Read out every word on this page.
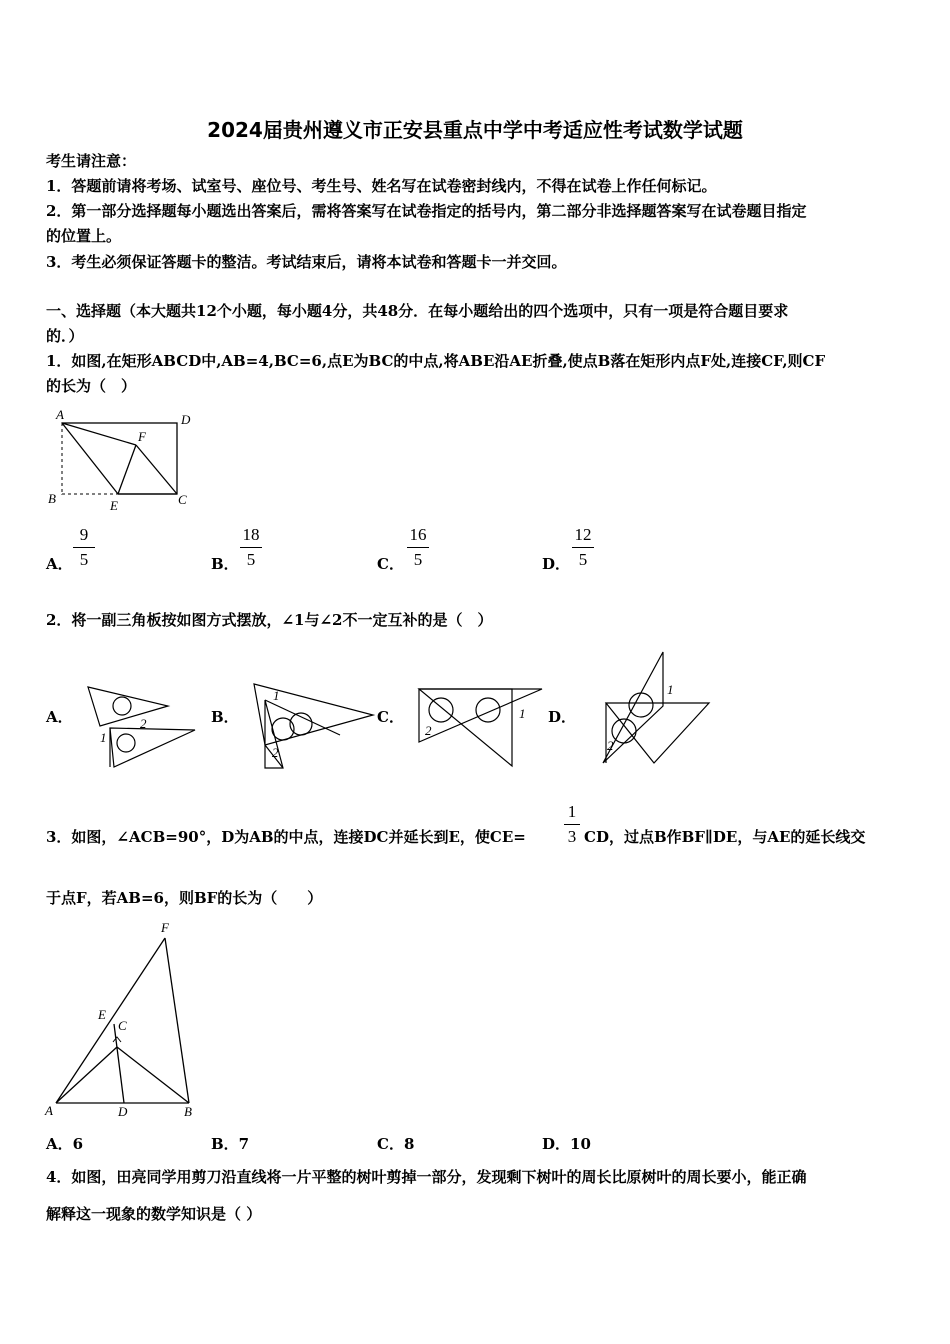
2024届贵州遵义市正安县重点中学中考适应性考试数学试题
考生请注意：
1．答题前请将考场、试室号、座位号、考生号、姓名写在试卷密封线内，不得在试卷上作任何标记。
2．第一部分选择题每小题选出答案后，需将答案写在试卷指定的括号内，第二部分非选择题答案写在试卷题目指定
的位置上。
3．考生必须保证答题卡的整洁。考试结束后，请将本试卷和答题卡一并交回。
一、选择题（本大题共12个小题，每小题4分，共48分．在每小题给出的四个选项中，只有一项是符合题目要求
的．）
1．如图,在矩形ABCD中,AB=4,BC=6,点E为BC的中点,将ABE沿AE折叠,使点B落在矩形内点F处,连接CF,则CF
的长为（　）
A	D
F
B	E	C
A．
9
5	B．
18
5	C．
16
5	D．
12
5
2．将一副三角板按如图方式摆放，∠1与∠2不一定互补的是（　）
A．	B．	C．	D．
2
1
1
2
1
2
1
2
3．如图，∠ACB=90°，D为AB的中点，连接DC并延长到E，使CE=
1
3 CD，过点B作BF∥DE，与AE的延长线交
于点F，若AB=6，则BF的长为（　　）
F
E
C
A	D	B
A．6	B．7	C．8	D．10
4．如图，田亮同学用剪刀沿直线将一片平整的树叶剪掉一部分，发现剩下树叶的周长比原树叶的周长要小，能正确
解释这一现象的数学知识是（ ）
